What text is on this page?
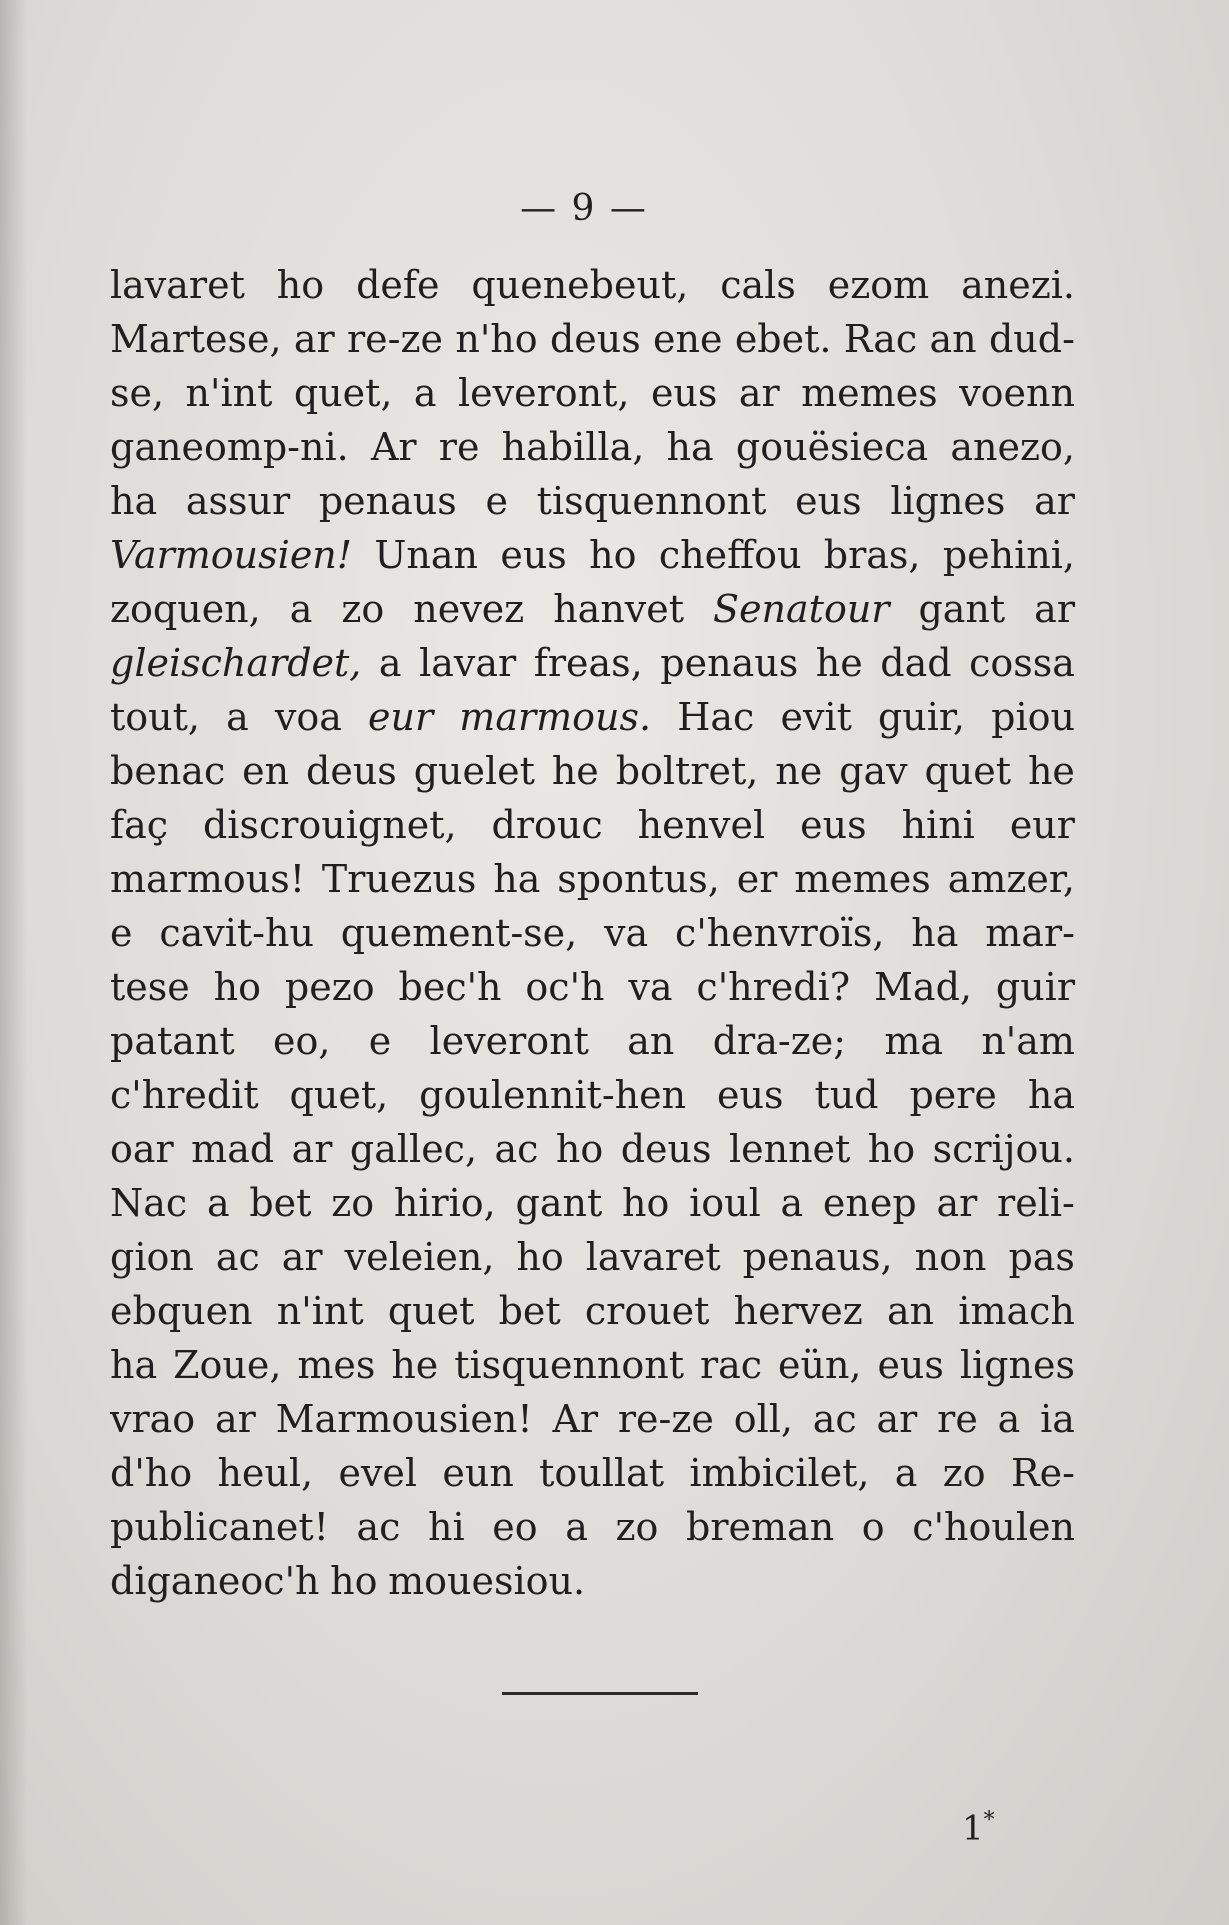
— 9 —
lavaret ho defe quenebeut, cals ezom anezi.
Martese, ar re-ze n'ho deus ene ebet. Rac an dud-
se, n'int quet, a leveront, eus ar memes voenn
ganeomp-ni. Ar re habilla, ha gouësieca anezo,
ha assur penaus e tisquennont eus lignes ar
Varmousien! Unan eus ho cheffou bras, pehini,
zoquen, a zo nevez hanvet Senatour gant ar
gleischardet, a lavar freas, penaus he dad cossa
tout, a voa eur marmous. Hac evit guir, piou
benac en deus guelet he boltret, ne gav quet he
faç discrouignet, drouc henvel eus hini eur
marmous! Truezus ha spontus, er memes amzer,
e cavit-hu quement-se, va c'henvroïs, ha mar-
tese ho pezo bec'h oc'h va c'hredi? Mad, guir
patant eo, e leveront an dra-ze; ma n'am
c'hredit quet, goulennit-hen eus tud pere ha
oar mad ar gallec, ac ho deus lennet ho scrijou.
Nac a bet zo hirio, gant ho ioul a enep ar reli-
gion ac ar veleien, ho lavaret penaus, non pas
ebquen n'int quet bet crouet hervez an imach
ha Zoue, mes he tisquennont rac eün, eus lignes
vrao ar Marmousien! Ar re-ze oll, ac ar re a ia
d'ho heul, evel eun toullat imbicilet, a zo Re-
publicanet! ac hi eo a zo breman o c'houlen
diganeoc'h ho mouesiou.
1*
